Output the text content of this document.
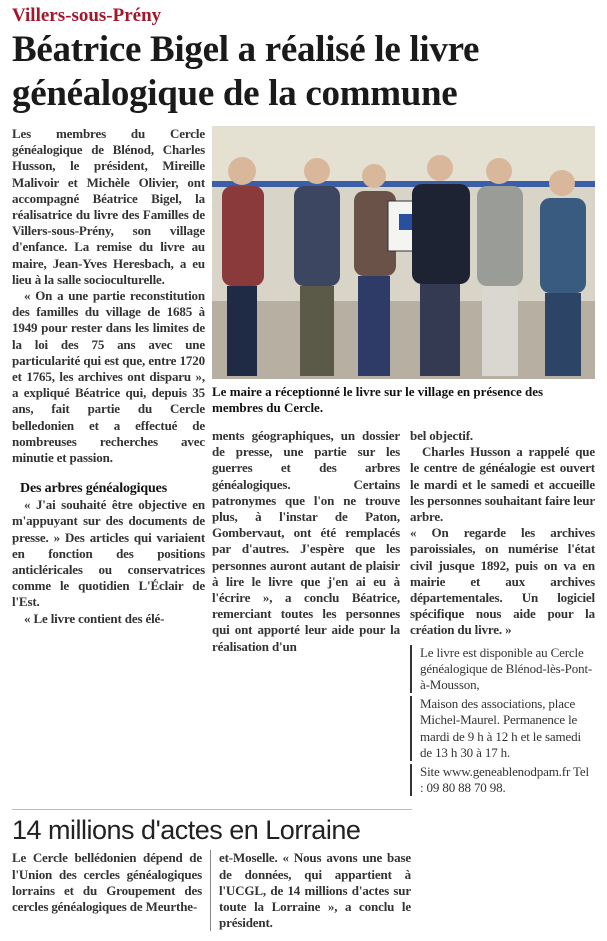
Villers-sous-Prény
Béatrice Bigel a réalisé le livre généalogique de la commune

Les membres du Cercle généalogique de Blénod, Charles Husson, le président, Mireille Malivoir et Michèle Olivier, ont accompagné Béatrice Bigel, la réalisatrice du livre des Familles de Villers-sous-Prény, son village d'enfance. La remise du livre au maire, Jean-Yves Heresbach, a eu lieu à la salle socioculturelle.

« On a une partie reconstitution des familles du village de 1685 à 1949 pour rester dans les limites de la loi des 75 ans avec une particularité qui est que, entre 1720 et 1765, les archives ont disparu », a expliqué Béatrice qui, depuis 35 ans, fait partie du Cercle belledonien et a effectué de nombreuses recherches avec minutie et passion.

Des arbres généalogiques

« J'ai souhaité être objective en m'appuyant sur des documents de presse. » Des articles qui variaient en fonction des positions anticléricales ou conservatrices comme le quotidien L'Éclair de l'Est.

« Le livre contient des élé-

Le maire a réceptionné le livre sur le village en présence des membres du Cercle.

ments géographiques, un dossier de presse, une partie sur les guerres et des arbres généalogiques. Certains patronymes que l'on ne trouve plus, à l'instar de Paton, Gombervaut, ont été remplacés par d'autres. J'espère que les personnes auront autant de plaisir à lire le livre que j'en ai eu à l'écrire », a conclu Béatrice, remerciant toutes les personnes qui ont apporté leur aide pour la réalisation d'un

bel objectif.

Charles Husson a rappelé que le centre de généalogie est ouvert le mardi et le samedi et accueille les personnes souhaitant faire leur arbre.

« On regarde les archives paroissiales, on numérise l'état civil jusque 1892, puis on va en mairie et aux archives départementales. Un logiciel spécifique nous aide pour la création du livre. »

Le livre est disponible au Cercle généalogique de Blénod-lès-Pont-à-Mousson,
Maison des associations, place Michel-Maurel. Permanence le mardi de 9 h à 12 h et le samedi de 13 h 30 à 17 h.
Site www.geneablenodpam.fr Tel : 09 80 88 70 98.
14 millions d'actes en Lorraine

Le Cercle bellédonien dépend de l'Union des cercles généalogiques lorrains et du Groupement des cercles généalogiques de Meurthe-

et-Moselle. « Nous avons une base de données, qui appartient à l'UCGL, de 14 millions d'actes sur toute la Lorraine », a conclu le président.
